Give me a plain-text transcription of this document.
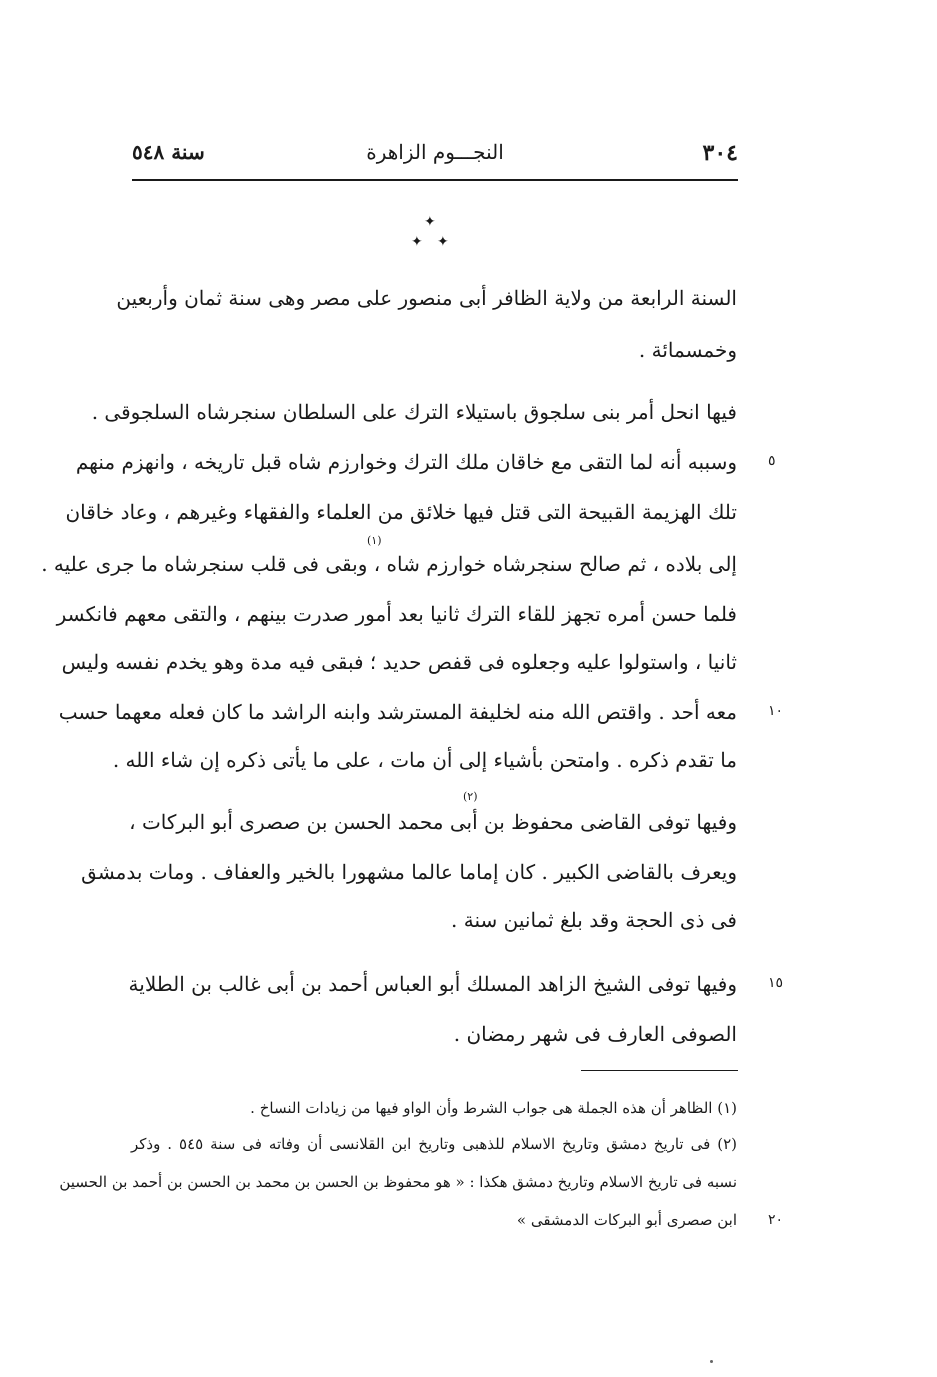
٣٠٤
النجـــوم الزاهرة
سنة ٥٤٨
✦
✦ ✦
السنة الرابعة من ولاية الظافر أبى منصور على مصر وهى سنة ثمان وأربعين
وخمسمائة .
فيها انحل أمر بنى سلجوق باستيلاء الترك على السلطان سنجرشاه السلجوقى .
وسببه أنه لما التقى مع خاقان ملك الترك وخوارزم شاه قبل تاريخه ، وانهزم منهم
تلك الهزيمة القبيحة التى قتل فيها خلائق من العلماء والفقهاء وغيرهم ، وعاد خاقان
إلى بلاده ، ثم صالح سنجرشاه خوارزم شاه ، وبقى فى قلب سنجرشاه ما جرى عليه .
فلما حسن أمره تجهز للقاء الترك ثانيا بعد أمور صدرت بينهم ، والتقى معهم فانكسر
ثانيا ، واستولوا عليه وجعلوه فى قفص حديد ؛ فبقى فيه مدة وهو يخدم نفسه وليس
معه أحد . واقتص الله منه لخليفة المسترشد وابنه الراشد ما كان فعله معهما حسب
ما تقدم ذكره . وامتحن بأشياء إلى أن مات ، على ما يأتى ذكره إن شاء الله .
وفيها توفى القاضى محفوظ بن أبى محمد الحسن بن صصرى أبو البركات ،
ويعرف بالقاضى الكبير . كان إماما عالما مشهورا بالخير والعفاف . ومات بدمشق
فى ذى الحجة وقد بلغ ثمانين سنة .
وفيها توفى الشيخ الزاهد المسلك أبو العباس أحمد بن أبى غالب بن الطلاية
الصوفى العارف فى شهر رمضان .
(١)
(٢)
٥
١٠
١٥
٢٠
(١) الظاهر أن هذه الجملة هى جواب الشرط وأن الواو فيها من زيادات النساخ .
(٢) فى تاريخ دمشق وتاريخ الاسلام للذهبى وتاريخ ابن القلانسى أن وفاته فى سنة ٥٤٥ . وذكر
نسبه فى تاريخ الاسلام وتاريخ دمشق هكذا : « هو محفوظ بن الحسن بن محمد بن الحسن بن أحمد بن الحسين
ابن صصرى أبو البركات الدمشقى »
